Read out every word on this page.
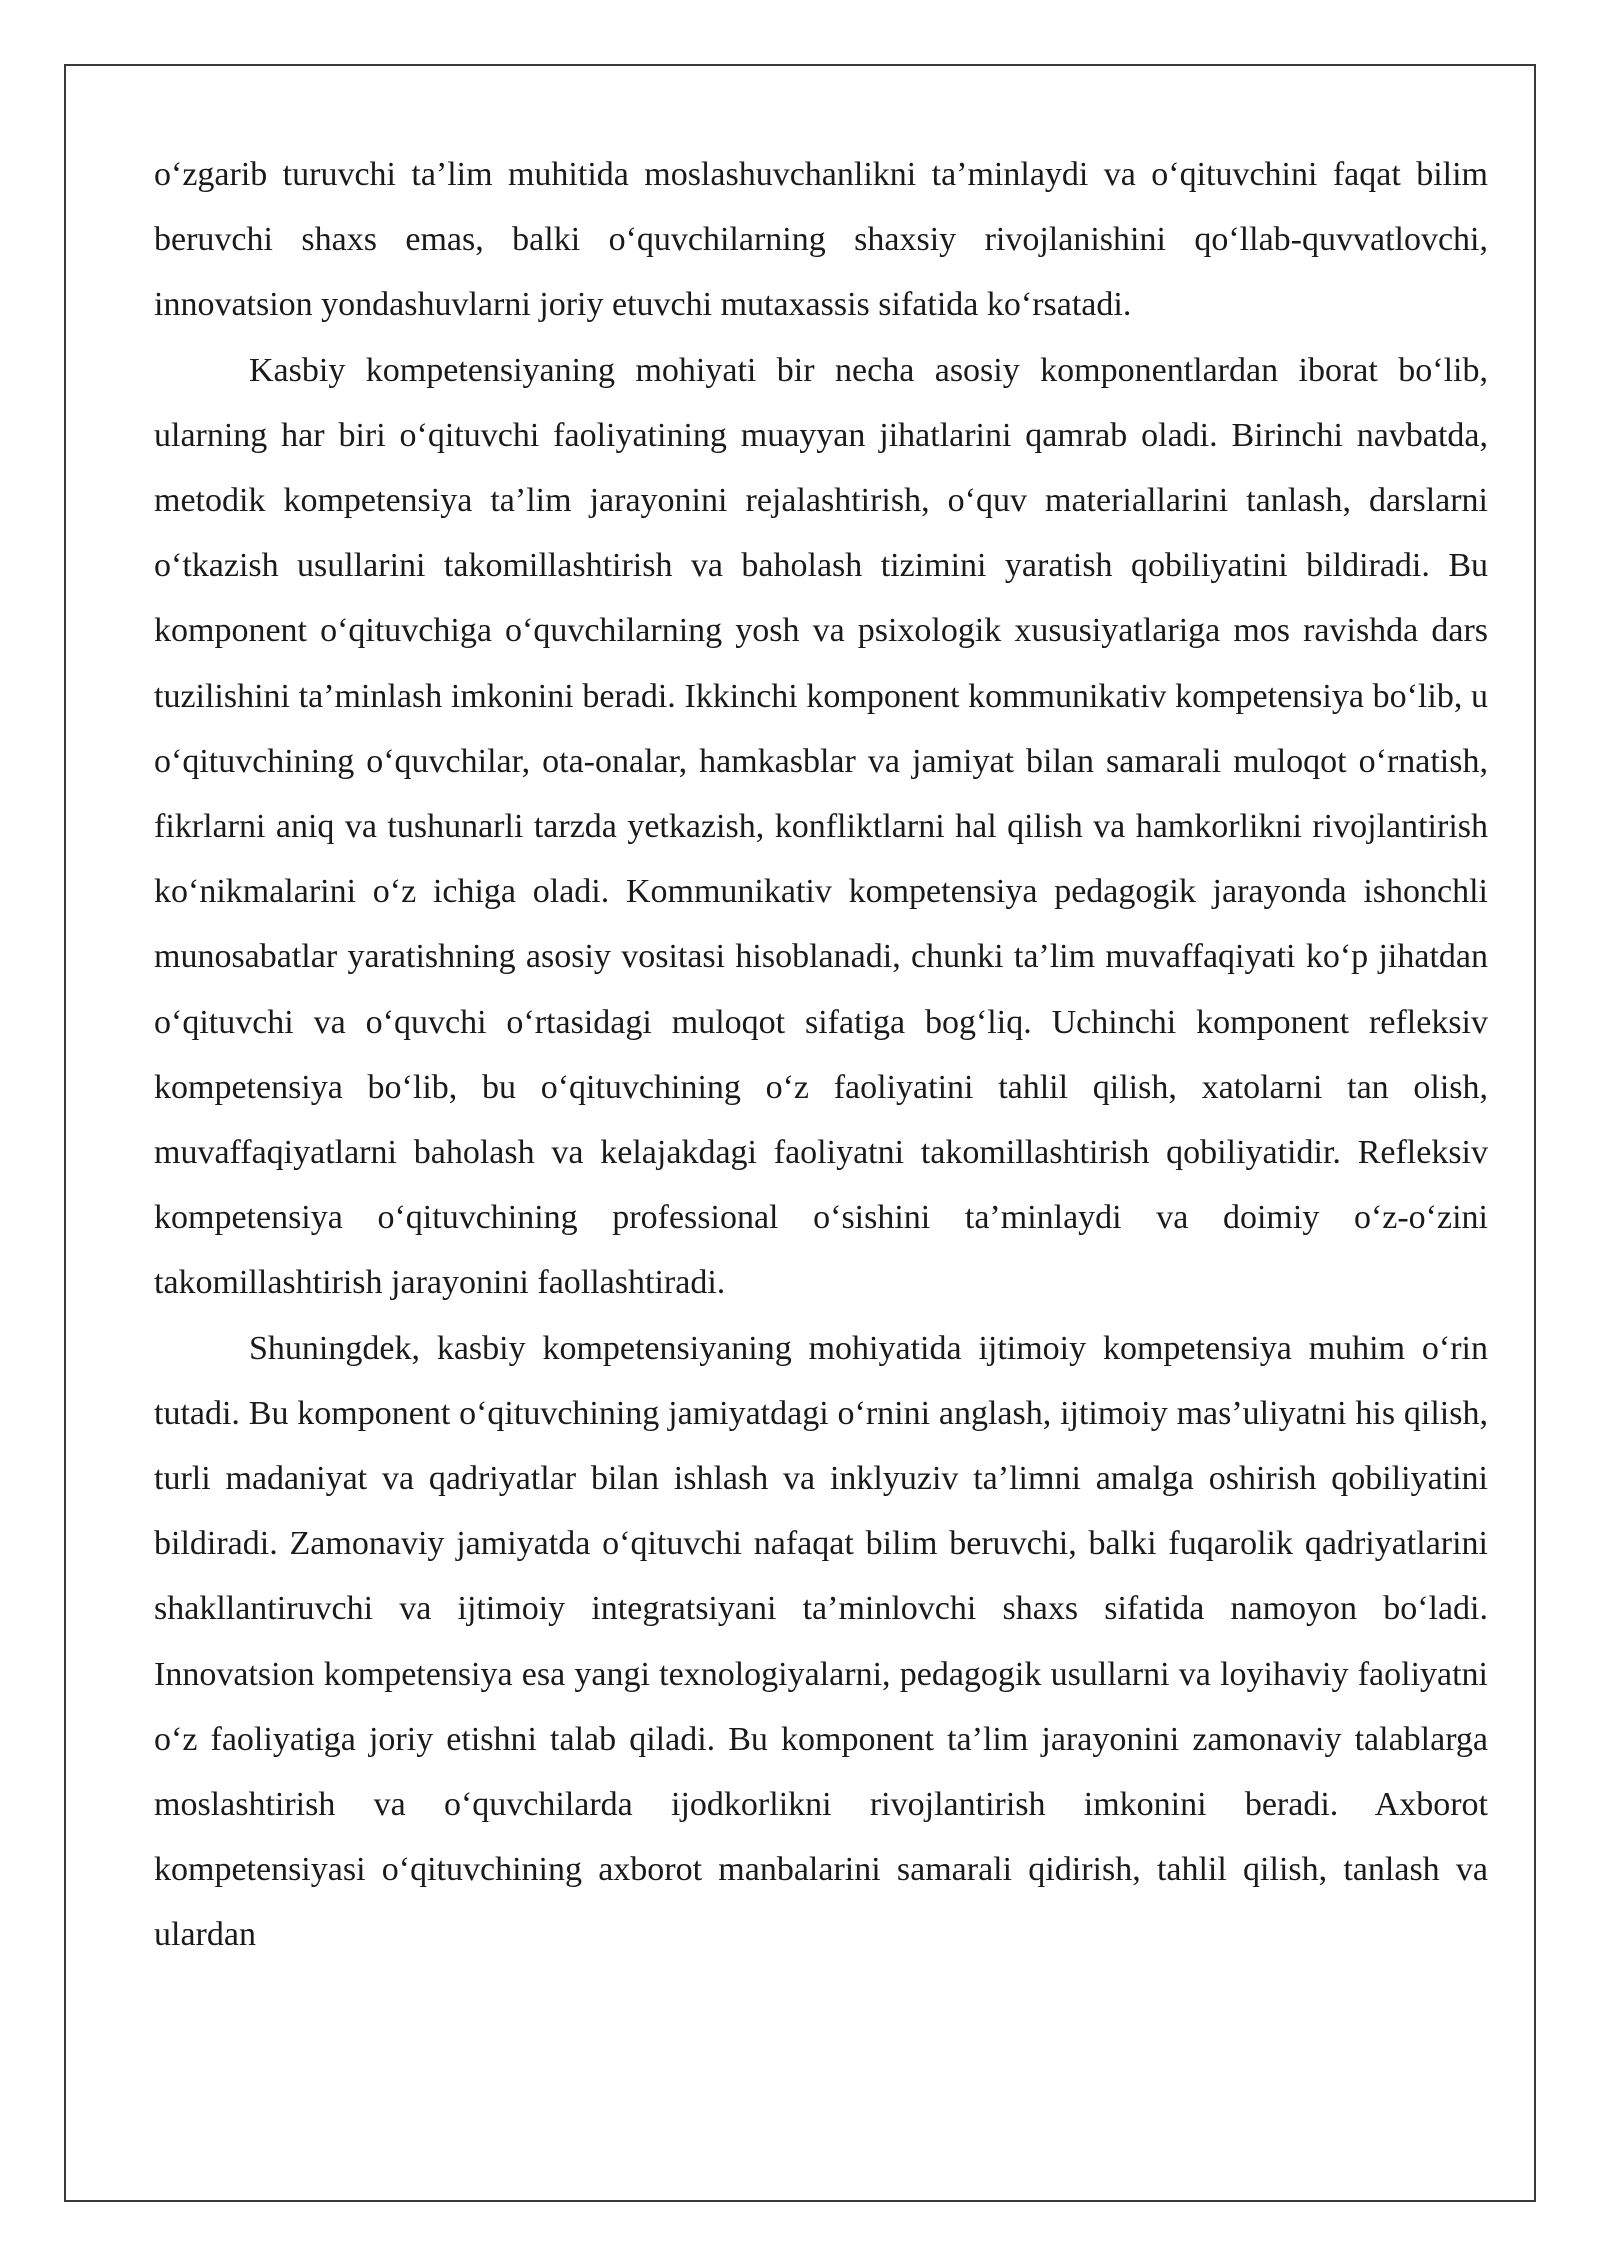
o‘zgarib turuvchi ta’lim muhitida moslashuvchanlikni ta’minlaydi va o‘qituvchini faqat bilim beruvchi shaxs emas, balki o‘quvchilarning shaxsiy rivojlanishini qo‘llab-quvvatlovchi, innovatsion yondashuvlarni joriy etuvchi mutaxassis sifatida ko‘rsatadi.

Kasbiy kompetensiyaning mohiyati bir necha asosiy komponentlardan iborat bo‘lib, ularning har biri o‘qituvchi faoliyatining muayyan jihatlarini qamrab oladi. Birinchi navbatda, metodik kompetensiya ta’lim jarayonini rejalashtirish, o‘quv materiallarini tanlash, darslarni o‘tkazish usullarini takomillashtirish va baholash tizimini yaratish qobiliyatini bildiradi. Bu komponent o‘qituvchiga o‘quvchilarning yosh va psixologik xususiyatlariga mos ravishda dars tuzilishini ta’minlash imkonini beradi. Ikkinchi komponent kommunikativ kompetensiya bo‘lib, u o‘qituvchining o‘quvchilar, ota-onalar, hamkasblar va jamiyat bilan samarali muloqot o‘rnatish, fikrlarni aniq va tushunarli tarzda yetkazish, konfliktlarni hal qilish va hamkorlikni rivojlantirish ko‘nikmalarini o‘z ichiga oladi. Kommunikativ kompetensiya pedagogik jarayonda ishonchli munosabatlar yaratishning asosiy vositasi hisoblanadi, chunki ta’lim muvaffaqiyati ko‘p jihatdan o‘qituvchi va o‘quvchi o‘rtasidagi muloqot sifatiga bog‘liq. Uchinchi komponent refleksiv kompetensiya bo‘lib, bu o‘qituvchining o‘z faoliyatini tahlil qilish, xatolarni tan olish, muvaffaqiyatlarni baholash va kelajakdagi faoliyatni takomillashtirish qobiliyatidir. Refleksiv kompetensiya o‘qituvchining professional o‘sishini ta’minlaydi va doimiy o‘z-o‘zini takomillashtirish jarayonini faollashtiradi.

Shuningdek, kasbiy kompetensiyaning mohiyatida ijtimoiy kompetensiya muhim o‘rin tutadi. Bu komponent o‘qituvchining jamiyatdagi o‘rnini anglash, ijtimoiy mas’uliyatni his qilish, turli madaniyat va qadriyatlar bilan ishlash va inklyuziv ta’limni amalga oshirish qobiliyatini bildiradi. Zamonaviy jamiyatda o‘qituvchi nafaqat bilim beruvchi, balki fuqarolik qadriyatlarini shakllantiruvchi va ijtimoiy integratsiyani ta’minlovchi shaxs sifatida namoyon bo‘ladi. Innovatsion kompetensiya esa yangi texnologiyalarni, pedagogik usullarni va loyihaviy faoliyatni o‘z faoliyatiga joriy etishni talab qiladi. Bu komponent ta’lim jarayonini zamonaviy talablarga moslashtirish va o‘quvchilarda ijodkorlikni rivojlantirish imkonini beradi. Axborot kompetensiyasi o‘qituvchining axborot manbalarini samarali qidirish, tahlil qilish, tanlash va ulardan
